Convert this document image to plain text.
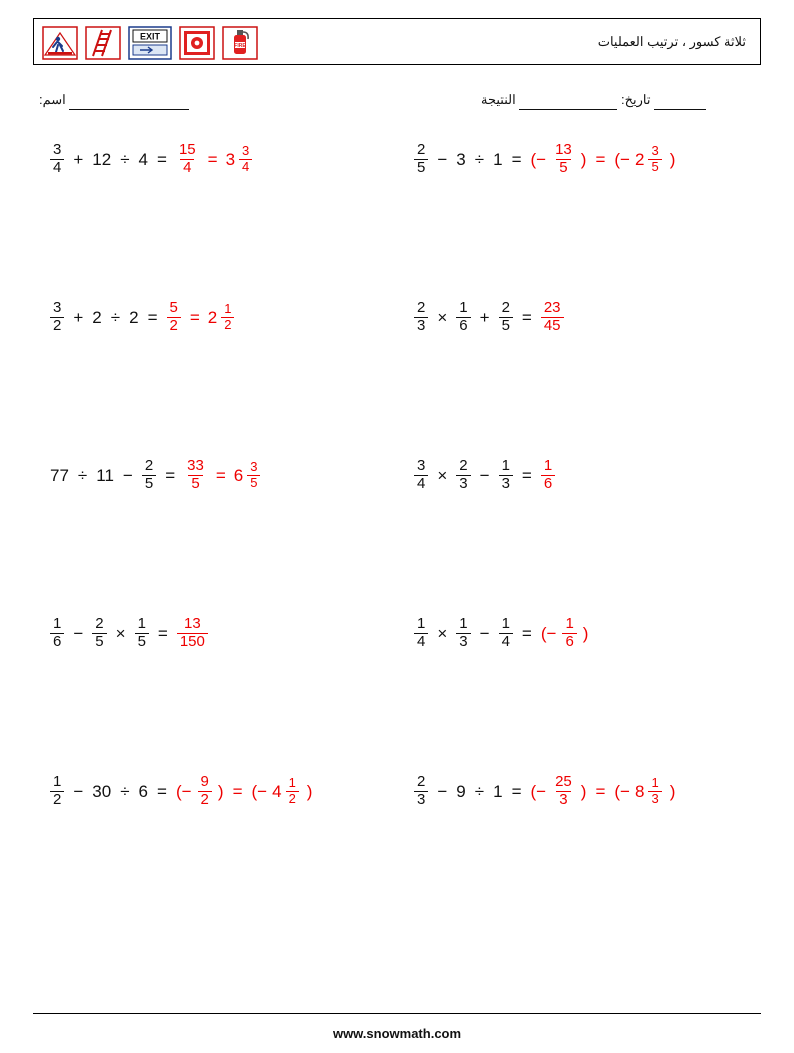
EXIT
FIRE	ثلاثة كسور ، ترتيب العمليات
اسم:	تاريخ:   النتيجة
$\frac{3}{4} + 12 \div 4 = \frac{15}{4} = 3 \frac{3}{4}$	$\frac{2}{5} - 3 \div 1$ = (− $\frac{13}{5}$ ) = (− $2 \frac{3}{5}$ )
$\frac{3}{2} + 2 \div 2 = \frac{5}{2} = 2 \frac{1}{2}$	$\frac{2}{3} \times \frac{1}{6} + \frac{2}{5} = \frac{23}{45}$
$77 \div 11 - \frac{2}{5} = \frac{33}{5} = 6 \frac{3}{5}$	$\frac{3}{4} \times \frac{2}{3} - \frac{1}{3} = \frac{1}{6}$
$\frac{1}{6} - \frac{2}{5} \times \frac{1}{5} = \frac{13}{150}$	$\frac{1}{4} \times \frac{1}{3} - \frac{1}{4}$ = (− $\frac{1}{6}$ )
$\frac{1}{2} - 30 \div 6$ = (− $\frac{9}{2}$ ) = (− $4 \frac{1}{2}$ )	$\frac{2}{3} - 9 \div 1$ = (− $\frac{25}{3}$ ) = (− $8 \frac{1}{3}$ )
www.snowmath.com
